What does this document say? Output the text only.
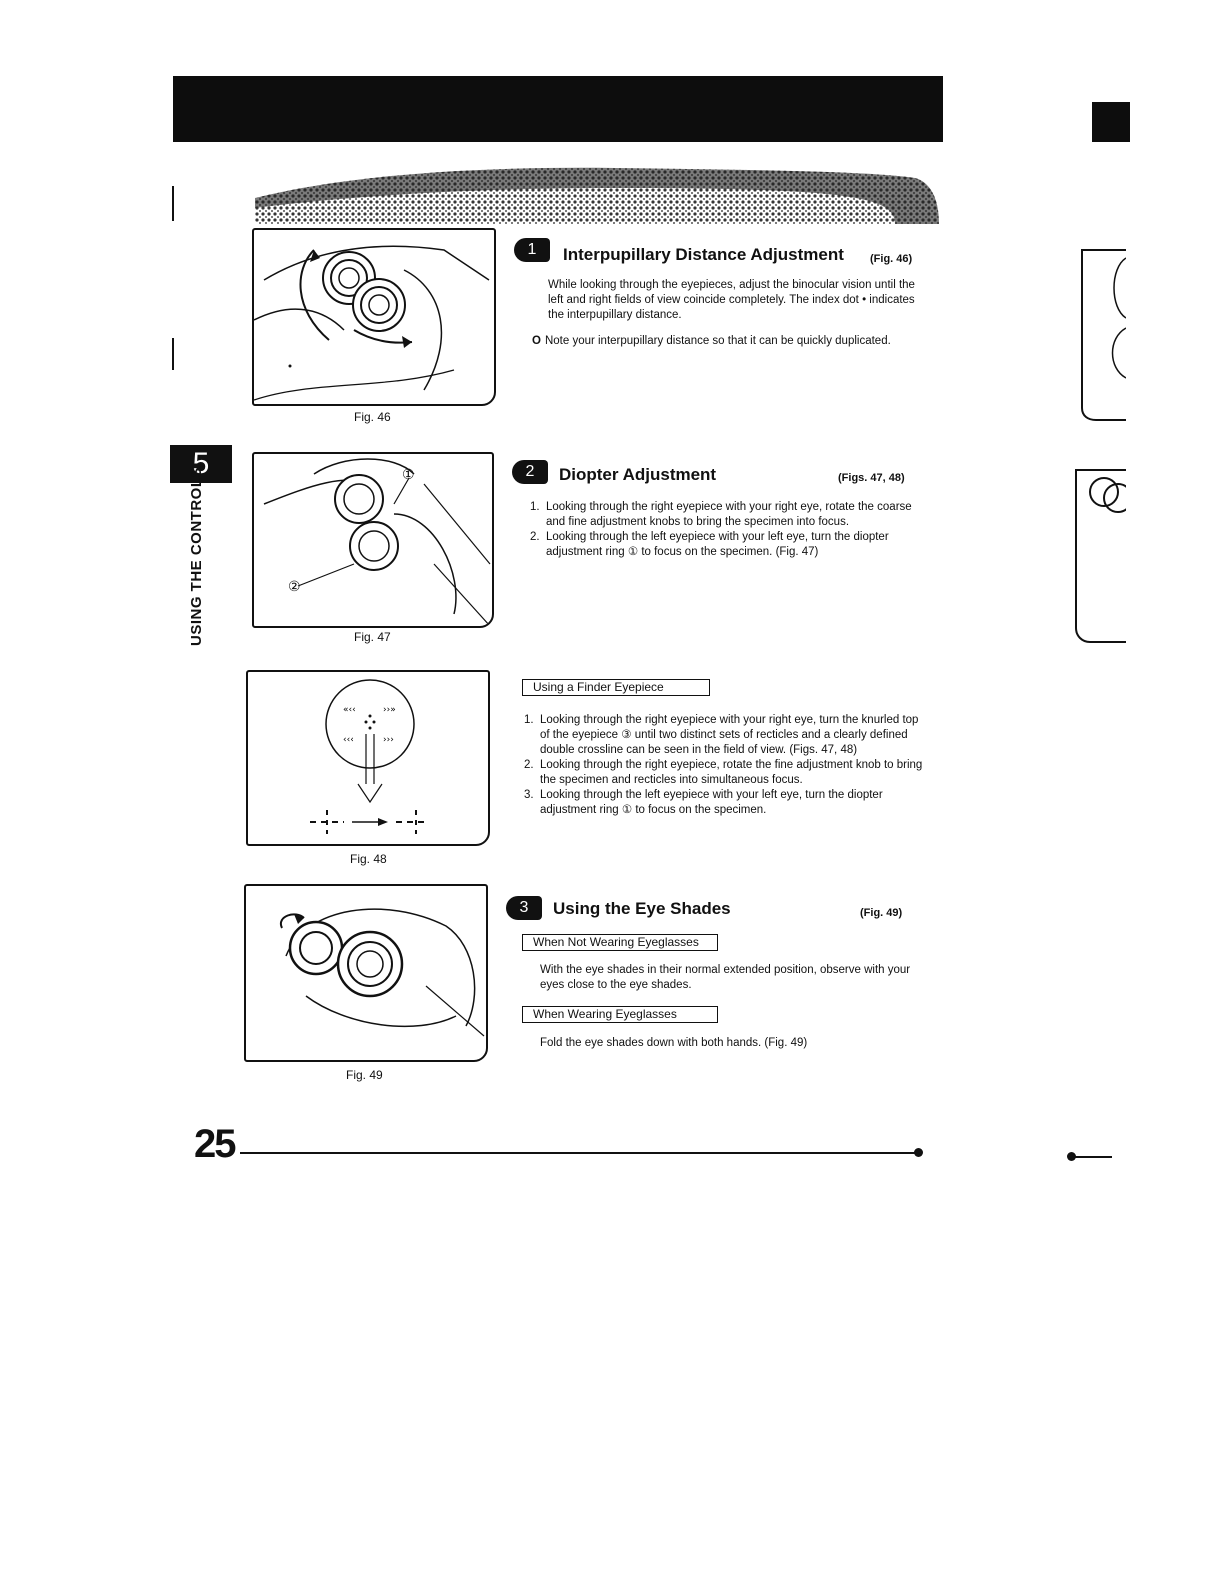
5
USING THE CONTROLS
Fig. 46
1	Interpupillary Distance Adjustment (Fig. 46)
While looking through the eyepieces, adjust the binocular vision until the left and right fields of view coincide completely. The index dot • indicates the interpupillary distance.
O Note your interpupillary distance so that it can be quickly duplicated.
①
②
Fig. 47
2	Diopter Adjustment	(Figs. 47, 48)
1. Looking through the right eyepiece with your right eye, rotate the coarse and fine adjustment knobs to bring the specimen into focus.
2. Looking through the left eyepiece with your left eye, turn the diopter adjustment ring ① to focus on the specimen. (Fig. 47)
«‹‹	››»
‹‹‹	›››
Fig. 48
Using a Finder Eyepiece
1. Looking through the right eyepiece with your right eye, turn the knurled top of the eyepiece ③ until two distinct sets of recticles and a clearly defined double crossline can be seen in the field of view. (Figs. 47, 48)
2. Looking through the right eyepiece, rotate the fine adjustment knob to bring the specimen and recticles into simultaneous focus.
3. Looking through the left eyepiece with your left eye, turn the diopter adjustment ring ① to focus on the specimen.
Fig. 49
3	Using the Eye Shades	(Fig. 49)
When Not Wearing Eyeglasses
With the eye shades in their normal extended position, observe with your eyes close to the eye shades.
When Wearing Eyeglasses
Fold the eye shades down with both hands. (Fig. 49)
25
